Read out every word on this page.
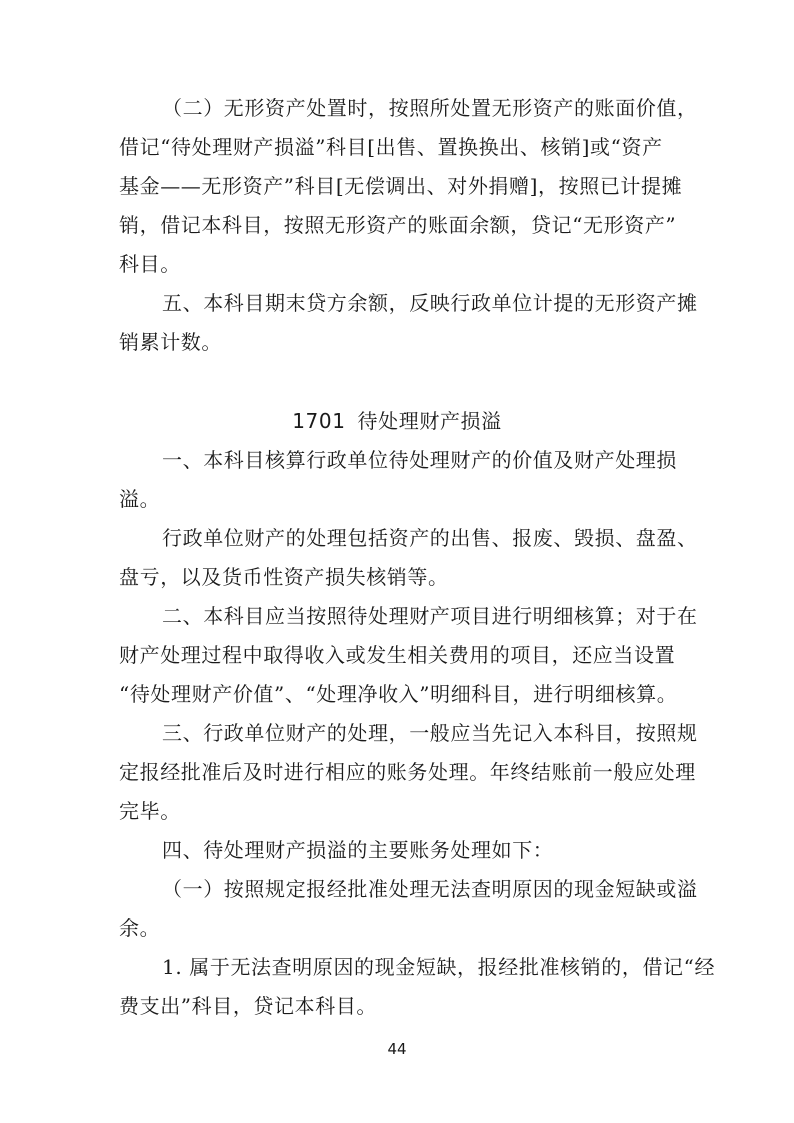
（二）无形资产处置时，按照所处置无形资产的账面价值，
借记“待处理财产损溢”科目[出售、置换换出、核销]或“资产
基金——无形资产”科目[无偿调出、对外捐赠]，按照已计提摊
销，借记本科目，按照无形资产的账面余额，贷记“无形资产”
科目。
五、本科目期末贷方余额，反映行政单位计提的无形资产摊
销累计数。
1701 待处理财产损溢
一、本科目核算行政单位待处理财产的价值及财产处理损
溢。
行政单位财产的处理包括资产的出售、报废、毁损、盘盈、
盘亏，以及货币性资产损失核销等。
二、本科目应当按照待处理财产项目进行明细核算；对于在
财产处理过程中取得收入或发生相关费用的项目，还应当设置
“待处理财产价值”、“处理净收入”明细科目，进行明细核算。
三、行政单位财产的处理，一般应当先记入本科目，按照规
定报经批准后及时进行相应的账务处理。年终结账前一般应处理
完毕。
四、待处理财产损溢的主要账务处理如下：
（一）按照规定报经批准处理无法查明原因的现金短缺或溢
余。
1. 属于无法查明原因的现金短缺，报经批准核销的，借记“经
费支出”科目，贷记本科目。
44
